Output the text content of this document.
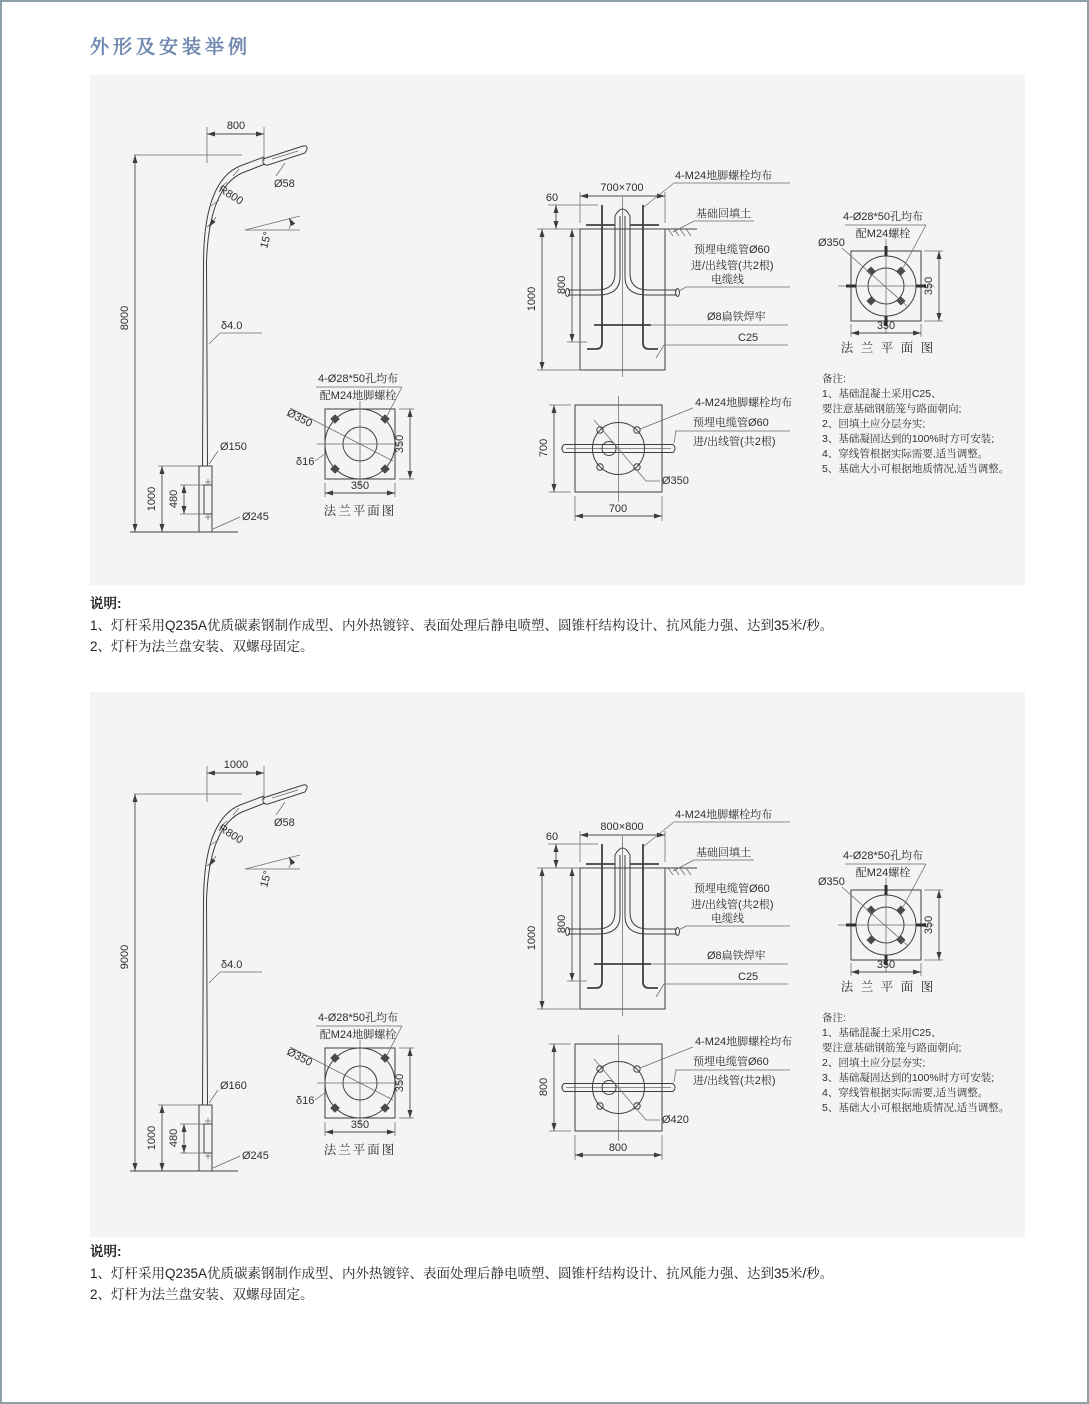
外形及安装举例
800
8000
Ø58
R800
15°
δ4.0
Ø150
1000 480
Ø245
Ø350
δ16
4-Ø28*50孔均布
配M24地脚螺栓
350
350
法兰平面图
700×700
60
800
1000
4-M24地脚螺栓均布
基础回填土
预埋电缆管Ø60
进/出线管(共2根)
电缆线
Ø8扁铁焊牢
C25
Ø350
700
700
4-M24地脚螺栓均布
预埋电缆管Ø60
进/出线管(共2根)
4-Ø28*50孔均布
配M24螺栓
Ø350
350
350
法 兰 平 面 图
备注:
1、基础混凝土采用C25、
要注意基础钢筋笼与路面朝向;
2、回填土应分层夯实;
3、基础凝固达到的100%时方可安装;
4、穿线管根据实际需要,适当调整。
5、基础大小可根据地质情况,适当调整。
说明:
1、灯杆采用Q235A优质碳素钢制作成型、内外热镀锌、表面处理后静电喷塑、圆锥杆结构设计、抗风能力强、达到35米/秒。
2、灯杆为法兰盘安装、双螺母固定。
1000
9000
Ø58
R800
15°
δ4.0
Ø160
1000 480
Ø245
Ø350
δ16
4-Ø28*50孔均布
配M24地脚螺栓
350
350
法兰平面图
800×800
60
800
1000
4-M24地脚螺栓均布
基础回填土
预埋电缆管Ø60
进/出线管(共2根)
电缆线
Ø8扁铁焊牢
C25
Ø420
800
800
4-M24地脚螺栓均布
预埋电缆管Ø60
进/出线管(共2根)
4-Ø28*50孔均布
配M24螺栓
Ø350
350
350
法 兰 平 面 图
备注:
1、基础混凝土采用C25、
要注意基础钢筋笼与路面朝向;
2、回填土应分层夯实;
3、基础凝固达到的100%时方可安装;
4、穿线管根据实际需要,适当调整。
5、基础大小可根据地质情况,适当调整。
说明:
1、灯杆采用Q235A优质碳素钢制作成型、内外热镀锌、表面处理后静电喷塑、圆锥杆结构设计、抗风能力强、达到35米/秒。
2、灯杆为法兰盘安装、双螺母固定。
